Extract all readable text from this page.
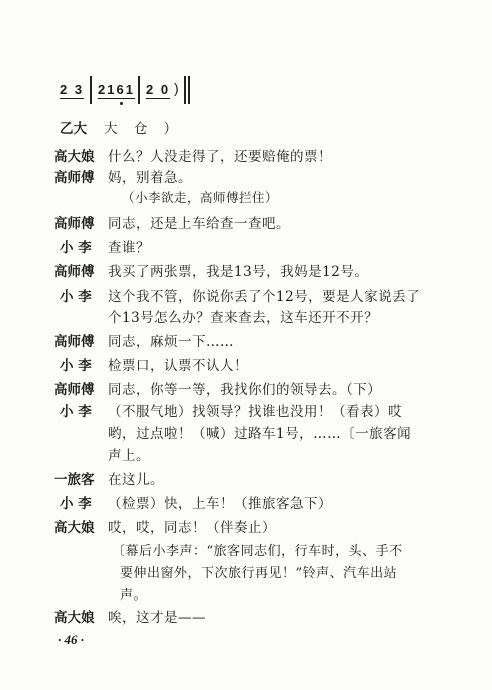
2 3 2161 2 0 )
乙大	大 仓 ）
高大娘	什么？人没走得了，还要赔俺的票！
高师傅	妈，别着急。
（小李欲走，高师傅拦住）
高师傅	同志，还是上车给查一查吧。
小 李	查谁？
高师傅	我买了两张票，我是13号，我妈是12号。
小 李	这个我不管，你说你丢了个12号，要是人家说丢了
个13号怎么办？查来查去，这车还开不开？
高师傅	同志，麻烦一下……
小 李	检票口，认票不认人！
高师傅	同志，你等一等，我找你们的领导去。（下）
小 李	（不服气地）找领导？找谁也没用！（看表）哎
哟，过点啦！（喊）过路车1号，……〔一旅客闻
声上。
一旅客	在这儿。
小 李	（检票）快，上车！（推旅客急下）
高大娘	哎，哎，同志！（伴奏止）
〔幕后小李声：“旅客同志们，行车时，头、手不
要伸出窗外，下次旅行再见！”铃声、汽车出站
声。
高大娘	唉，这才是——
· 46 ·
